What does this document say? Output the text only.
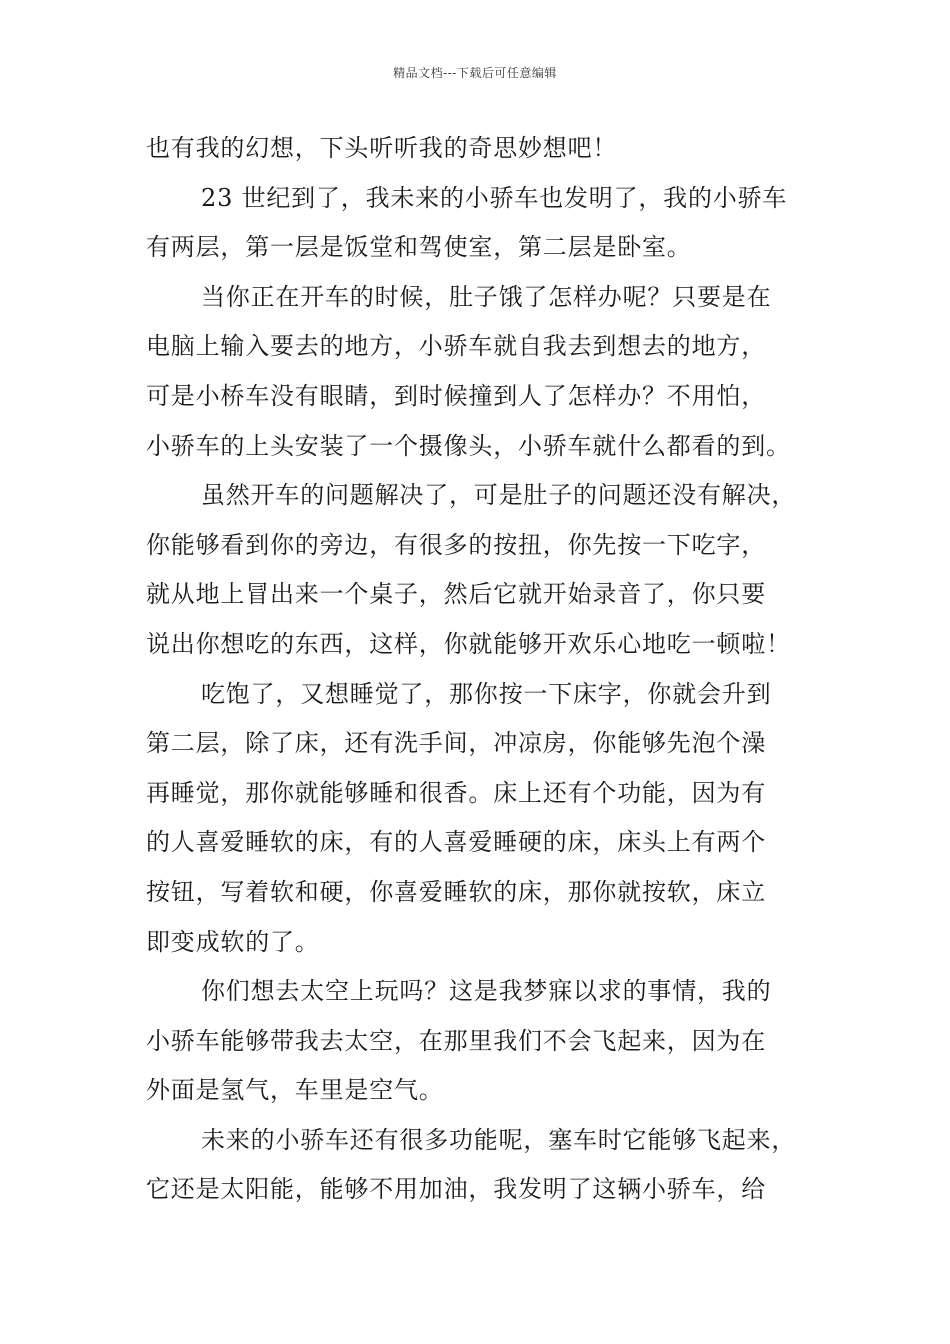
精品文档---下载后可任意编辑
也有我的幻想，下头听听我的奇思妙想吧！
23 世纪到了，我未来的小骄车也发明了，我的小骄车
有两层，第一层是饭堂和驾使室，第二层是卧室。
当你正在开车的时候，肚子饿了怎样办呢？只要是在
电脑上输入要去的地方，小骄车就自我去到想去的地方，
可是小桥车没有眼睛，到时候撞到人了怎样办？不用怕，
小骄车的上头安装了一个摄像头，小骄车就什么都看的到。
虽然开车的问题解决了，可是肚子的问题还没有解决，
你能够看到你的旁边，有很多的按扭，你先按一下吃字，
就从地上冒出来一个桌子，然后它就开始录音了，你只要
说出你想吃的东西，这样，你就能够开欢乐心地吃一顿啦！
吃饱了，又想睡觉了，那你按一下床字，你就会升到
第二层，除了床，还有洗手间，冲凉房，你能够先泡个澡
再睡觉，那你就能够睡和很香。床上还有个功能，因为有
的人喜爱睡软的床，有的人喜爱睡硬的床，床头上有两个
按钮，写着软和硬，你喜爱睡软的床，那你就按软，床立
即变成软的了。
你们想去太空上玩吗？这是我梦寐以求的事情，我的
小骄车能够带我去太空，在那里我们不会飞起来，因为在
外面是氢气，车里是空气。
未来的小骄车还有很多功能呢，塞车时它能够飞起来，
它还是太阳能，能够不用加油，我发明了这辆小骄车，给
